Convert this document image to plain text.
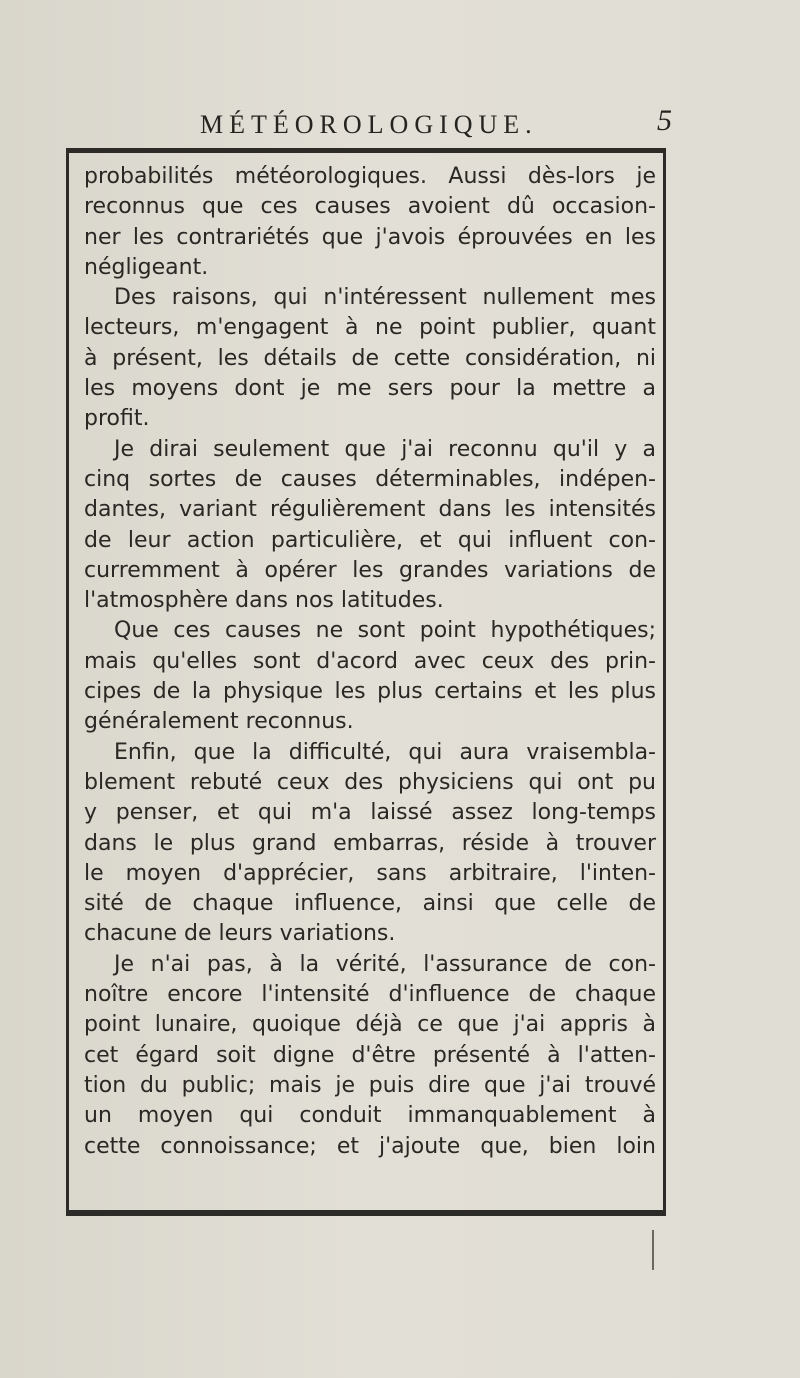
MÉTÉOROLOGIQUE.	5
probabilités météorologiques. Aussi dès-lors je
reconnus que ces causes avoient dû occasion-
ner les contrariétés que j'avois éprouvées en les
négligeant.
Des raisons, qui n'intéressent nullement mes
lecteurs, m'engagent à ne point publier, quant
à présent, les détails de cette considération, ni
les moyens dont je me sers pour la mettre a
profit.
Je dirai seulement que j'ai reconnu qu'il y a
cinq sortes de causes déterminables, indépen-
dantes, variant régulièrement dans les intensités
de leur action particulière, et qui influent con-
curremment à opérer les grandes variations de
l'atmosphère dans nos latitudes.
Que ces causes ne sont point hypothétiques;
mais qu'elles sont d'acord avec ceux des prin-
cipes de la physique les plus certains et les plus
généralement reconnus.
Enfin, que la difficulté, qui aura vraisembla-
blement rebuté ceux des physiciens qui ont pu
y penser, et qui m'a laissé assez long-temps
dans le plus grand embarras, réside à trouver
le moyen d'apprécier, sans arbitraire, l'inten-
sité de chaque influence, ainsi que celle de
chacune de leurs variations.
Je n'ai pas, à la vérité, l'assurance de con-
noître encore l'intensité d'influence de chaque
point lunaire, quoique déjà ce que j'ai appris à
cet égard soit digne d'être présenté à l'atten-
tion du public; mais je puis dire que j'ai trouvé
un moyen qui conduit immanquablement à
cette connoissance; et j'ajoute que, bien loin
